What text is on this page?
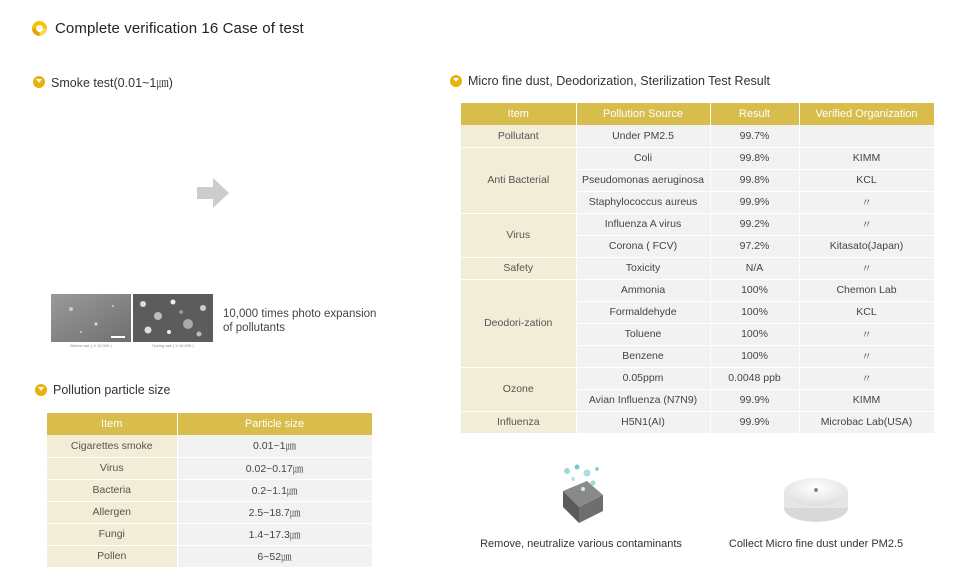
Complete verification 16 Case of test
Smoke test(0.01~1㎛)
Before use ( X 10,000 )	During use ( X 10,000 )
10,000 times photo expansion
of pollutants
Pollution particle size
Item	Particle size
Cigarettes smoke	0.01~1㎛
Virus	0.02~0.17㎛
Bacteria	0.2~1.1㎛
Allergen	2.5~18.7㎛
Fungi	1.4~17.3㎛
Pollen	6~52㎛
Micro fine dust, Deodorization, Sterilization Test Result
Item	Pollution Source	Result	Verified Organization
Pollutant	Under PM2.5	99.7%	
Anti Bacterial	Coli	99.8%	KIMM
	Pseudomonas aeruginosa	99.8%	KCL
	Staphylococcus aureus	99.9%	〃
Virus	Influenza A virus	99.2%	〃
	Corona ( FCV)	97.2%	Kitasato(Japan)
Safety	Toxicity	N/A	〃
Deodori-zation	Ammonia	100%	Chemon Lab
	Formaldehyde	100%	KCL
	Toluene	100%	〃
	Benzene	100%	〃
Ozone	0.05ppm	0.0048 ppb	〃
	Avian Influenza (N7N9)	99.9%	KIMM
Influenza	H5N1(AI)	99.9%	Microbac Lab(USA)
Remove, neutralize various contaminants	Collect Micro fine dust under PM2.5
